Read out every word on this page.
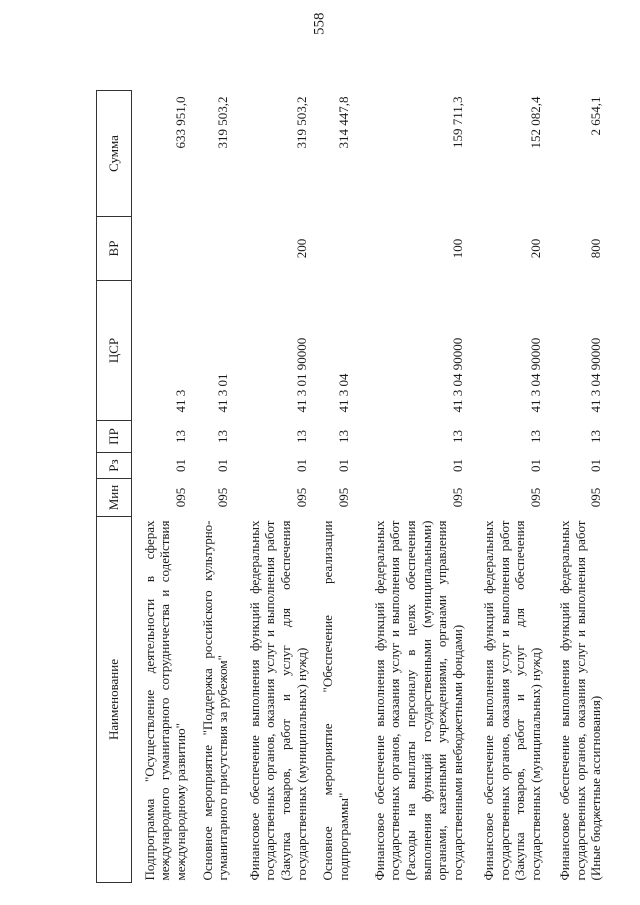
558
Наименование	Мин	Рз	ПР	ЦСР	ВР	Сумма
Подпрограмма "Осуществление деятельности в сферах международного гуманитарного сотрудничества и содействия международному развитию"	095	01	13	41 3		633 951,0
Основное мероприятие "Поддержка российского культурно-гуманитарного присутствия за рубежом"	095	01	13	41 3 01		319 503,2
Финансовое обеспечение выполнения функций федеральных государственных органов, оказания услуг и выполнения работ (Закупка товаров, работ и услуг для обеспечения государственных (муниципальных) нужд)	095	01	13	41 3 01 90000	200	319 503,2
Основное мероприятие "Обеспечение реализации подпрограммы"	095	01	13	41 3 04		314 447,8
Финансовое обеспечение выполнения функций федеральных государственных органов, оказания услуг и выполнения работ (Расходы на выплаты персоналу в целях обеспечения выполнения функций государственными (муниципальными) органами, казенными учреждениями, органами управления государственными внебюджетными фондами)	095	01	13	41 3 04 90000	100	159 711,3
Финансовое обеспечение выполнения функций федеральных государственных органов, оказания услуг и выполнения работ (Закупка товаров, работ и услуг для обеспечения государственных (муниципальных) нужд)	095	01	13	41 3 04 90000	200	152 082,4
Финансовое обеспечение выполнения функций федеральных государственных органов, оказания услуг и выполнения работ (Иные бюджетные ассигнования)	095	01	13	41 3 04 90000	800	2 654,1
